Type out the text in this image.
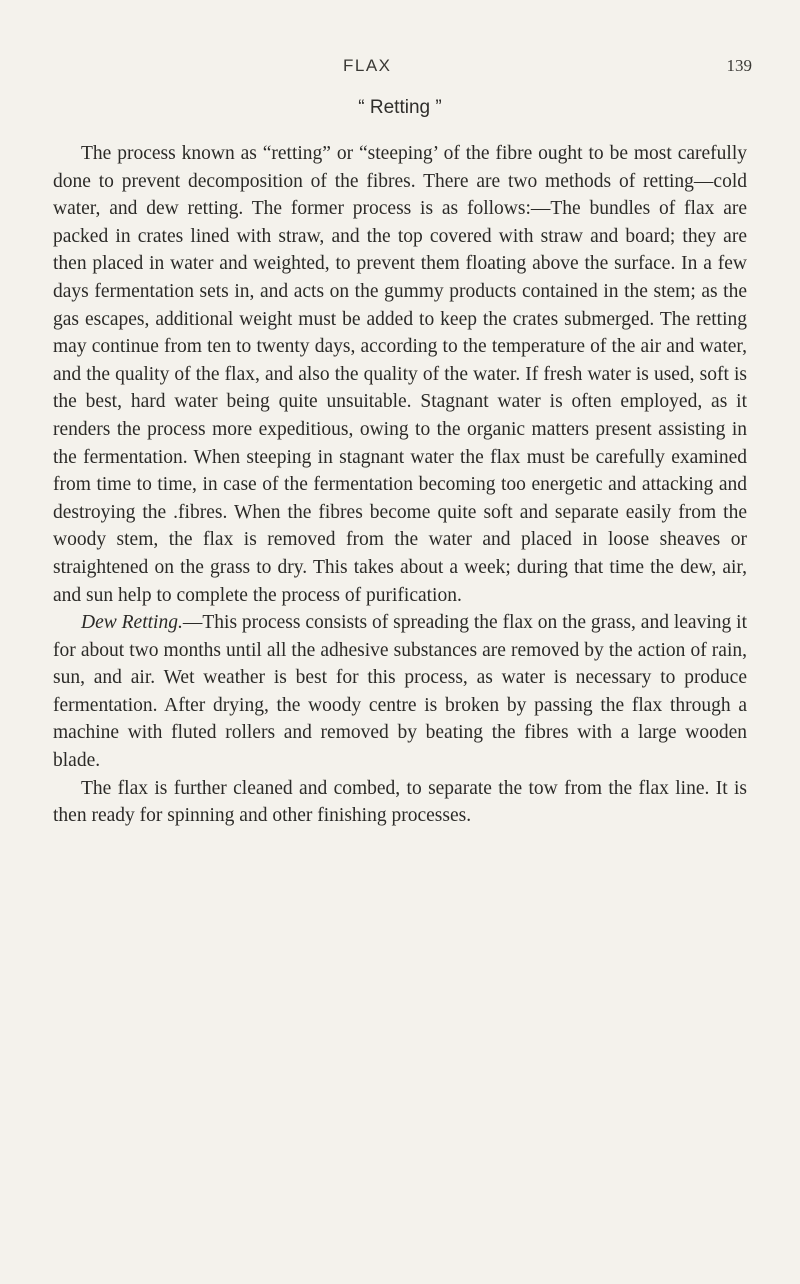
FLAX	139
“ Retting ”

The process known as “retting” or “steeping’ of the fibre ought to be most carefully done to prevent decomposition of the fibres. There are two methods of retting—cold water, and dew retting. The former process is as follows:—The bundles of flax are packed in crates lined with straw, and the top covered with straw and board; they are then placed in water and weighted, to prevent them floating above the surface. In a few days fermentation sets in, and acts on the gummy products contained in the stem; as the gas escapes, additional weight must be added to keep the crates submerged. The retting may continue from ten to twenty days, according to the temperature of the air and water, and the quality of the flax, and also the quality of the water. If fresh water is used, soft is the best, hard water being quite unsuitable. Stagnant water is often employed, as it renders the process more expeditious, owing to the organic matters present assisting in the fermentation. When steeping in stagnant water the flax must be carefully examined from time to time, in case of the fermentation becoming too energetic and attacking and destroying the .fibres. When the fibres become quite soft and separate easily from the woody stem, the flax is removed from the water and placed in loose sheaves or straightened on the grass to dry. This takes about a week; during that time the dew, air, and sun help to complete the process of purification.

Dew Retting.—This process consists of spreading the flax on the grass, and leaving it for about two months until all the adhesive substances are removed by the action of rain, sun, and air. Wet weather is best for this process, as water is necessary to produce fermentation. After drying, the woody centre is broken by passing the flax through a machine with fluted rollers and removed by beating the fibres with a large wooden blade.

The flax is further cleaned and combed, to separate the tow from the flax line. It is then ready for spinning and other finishing processes.
